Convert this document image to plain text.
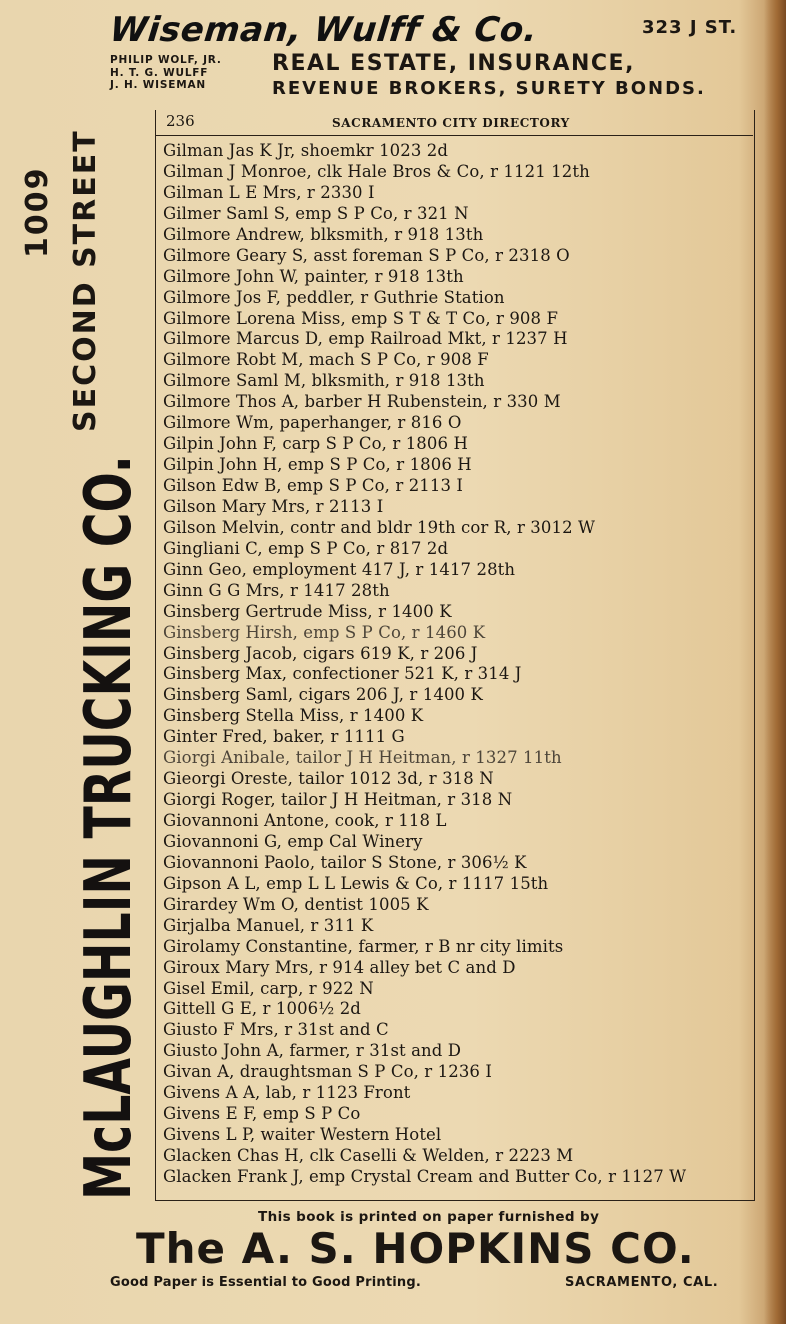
Wiseman, Wulff & Co.	323 J ST.
PHILIP WOLF, JR.
H. T. G. WULFF
J. H. WISEMAN
REAL ESTATE, INSURANCE,
REVENUE BROKERS, SURETY BONDS.
McLAUGHLIN TRUCKING CO.
1009 SECOND STREET
236	SACRAMENTO CITY DIRECTORY
Gilman Jas K Jr, shoemkr 1023 2d
Gilman J Monroe, clk Hale Bros & Co, r 1121 12th
Gilman L E Mrs, r 2330 I
Gilmer Saml S, emp S P Co, r 321 N
Gilmore Andrew, blksmith, r 918 13th
Gilmore Geary S, asst foreman S P Co, r 2318 O
Gilmore John W, painter, r 918 13th
Gilmore Jos F, peddler, r Guthrie Station
Gilmore Lorena Miss, emp S T & T Co, r 908 F
Gilmore Marcus D, emp Railroad Mkt, r 1237 H
Gilmore Robt M, mach S P Co, r 908 F
Gilmore Saml M, blksmith, r 918 13th
Gilmore Thos A, barber H Rubenstein, r 330 M
Gilmore Wm, paperhanger, r 816 O
Gilpin John F, carp S P Co, r 1806 H
Gilpin John H, emp S P Co, r 1806 H
Gilson Edw B, emp S P Co, r 2113 I
Gilson Mary Mrs, r 2113 I
Gilson Melvin, contr and bldr 19th cor R, r 3012 W
Gingliani C, emp S P Co, r 817 2d
Ginn Geo, employment 417 J, r 1417 28th
Ginn G G Mrs, r 1417 28th
Ginsberg Gertrude Miss, r 1400 K
Ginsberg Hirsh, emp S P Co, r 1460 K
Ginsberg Jacob, cigars 619 K, r 206 J
Ginsberg Max, confectioner 521 K, r 314 J
Ginsberg Saml, cigars 206 J, r 1400 K
Ginsberg Stella Miss, r 1400 K
Ginter Fred, baker, r 1111 G
Giorgi Anibale, tailor J H Heitman, r 1327 11th
Gieorgi Oreste, tailor 1012 3d, r 318 N
Giorgi Roger, tailor J H Heitman, r 318 N
Giovannoni Antone, cook, r 118 L
Giovannoni G, emp Cal Winery
Giovannoni Paolo, tailor S Stone, r 306½ K
Gipson A L, emp L L Lewis & Co, r 1117 15th
Girardey Wm O, dentist 1005 K
Girjalba Manuel, r 311 K
Girolamy Constantine, farmer, r B nr city limits
Giroux Mary Mrs, r 914 alley bet C and D
Gisel Emil, carp, r 922 N
Gittell G E, r 1006½ 2d
Giusto F Mrs, r 31st and C
Giusto John A, farmer, r 31st and D
Givan A, draughtsman S P Co, r 1236 I
Givens A A, lab, r 1123 Front
Givens E F, emp S P Co
Givens L P, waiter Western Hotel
Glacken Chas H, clk Caselli & Welden, r 2223 M
Glacken Frank J, emp Crystal Cream and Butter Co, r 1127 W
This book is printed on paper furnished by
The A. S. HOPKINS CO.
Good Paper is Essential to Good Printing.	SACRAMENTO, CAL.
